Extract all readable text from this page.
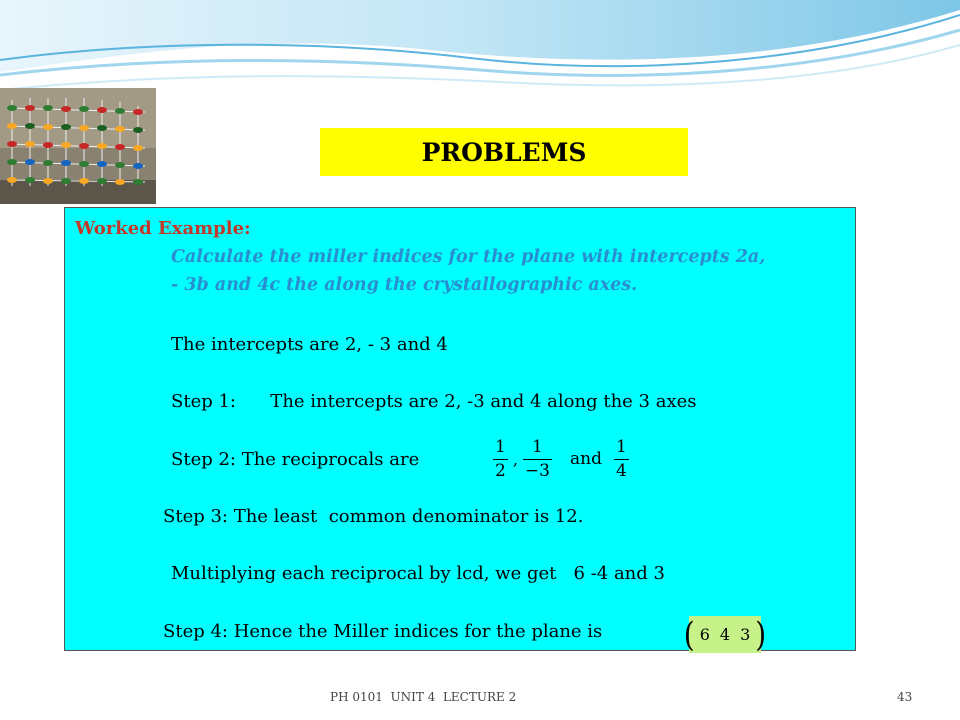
PROBLEMS
Worked Example:
Calculate the miller indices for the plane with intercepts 2a,
- 3b and 4c the along the crystallographic axes.
The intercepts are 2, - 3 and 4
Step 1:      The intercepts are 2, -3 and 4 along the 3 axes
Step 2: The reciprocals are	$\frac{1}{2}$ , $\frac{1}{-3}$ and $\frac{1}{4}$
Step 3: The least  common denominator is 12.
Multiplying each reciprocal by lcd, we get   6 -4 and 3
Step 4: Hence the Miller indices for the plane is	( 6 4 3 )
PH 0101  UNIT 4  LECTURE 2	43
